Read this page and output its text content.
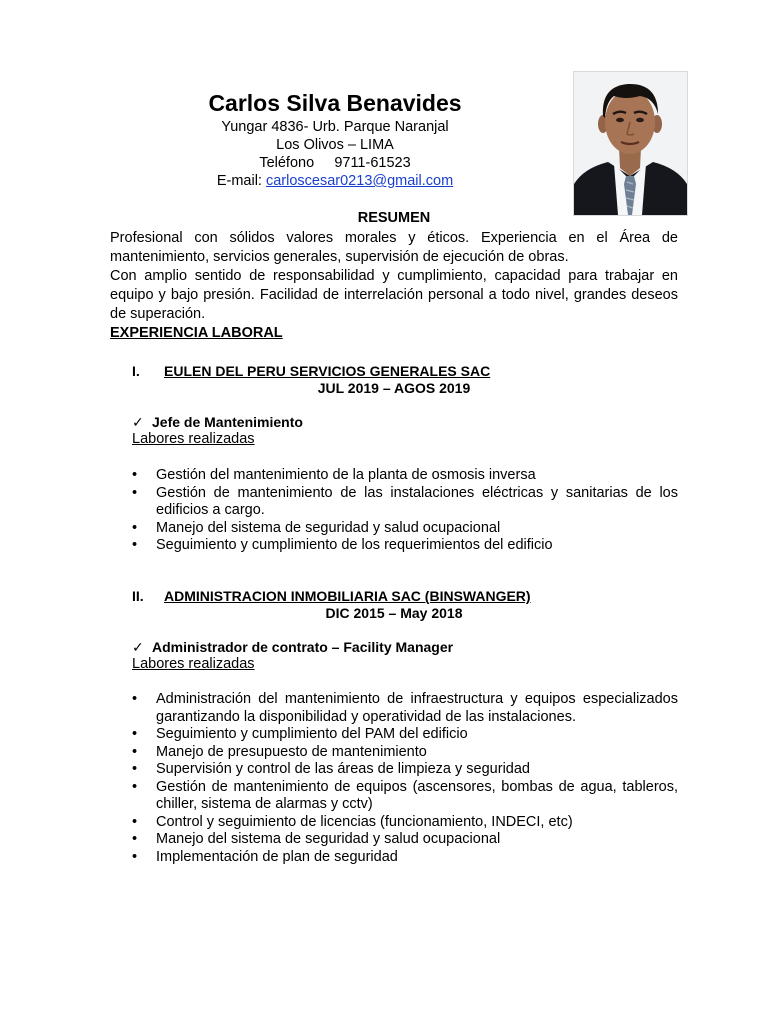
Carlos Silva Benavides
Yungar 4836- Urb. Parque Naranjal
Los Olivos – LIMA
Teléfono 9711-61523
E-mail: carloscesar0213@gmail.com
RESUMEN

Profesional con sólidos valores morales y éticos. Experiencia en el Área de mantenimiento, servicios generales, supervisión de ejecución de obras.

Con amplio sentido de responsabilidad y cumplimiento, capacidad para trabajar en equipo y bajo presión. Facilidad de interrelación personal a todo nivel, grandes deseos de superación.

EXPERIENCIA LABORAL
I. EULEN DEL PERU SERVICIOS GENERALES SAC
JUL 2019 – AGOS 2019
✓ Jefe de Mantenimiento
Labores realizadas
• Gestión del mantenimiento de la planta de osmosis inversa
• Gestión de mantenimiento de las instalaciones eléctricas y sanitarias de los edificios a cargo.
• Manejo del sistema de seguridad y salud ocupacional
• Seguimiento y cumplimiento de los requerimientos del edificio
II. ADMINISTRACION INMOBILIARIA SAC (BINSWANGER)
DIC 2015 – May 2018
✓ Administrador de contrato – Facility Manager
Labores realizadas
• Administración del mantenimiento de infraestructura y equipos especializados garantizando la disponibilidad y operatividad de las instalaciones.
• Seguimiento y cumplimiento del PAM del edificio
• Manejo de presupuesto de mantenimiento
• Supervisión y control de las áreas de limpieza y seguridad
• Gestión de mantenimiento de equipos (ascensores, bombas de agua, tableros, chiller, sistema de alarmas y cctv)
• Control y seguimiento de licencias (funcionamiento, INDECI, etc)
• Manejo del sistema de seguridad y salud ocupacional
• Implementación de plan de seguridad
